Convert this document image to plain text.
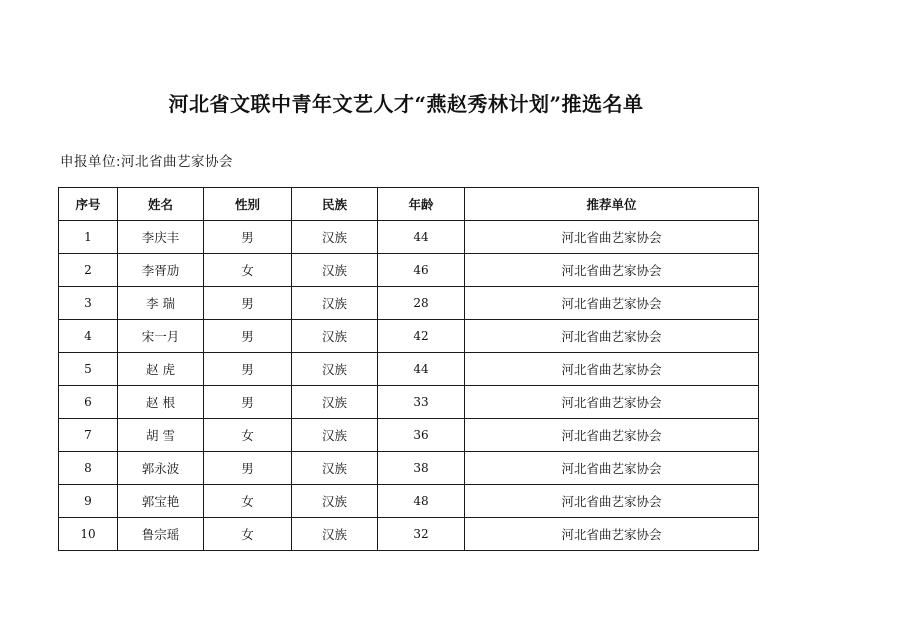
河北省文联中青年文艺人才“燕赵秀林计划”推选名单
申报单位:河北省曲艺家协会
序号	姓名	性别	民族	年龄	推荐单位
1	李庆丰	男	汉族	44	河北省曲艺家协会
2	李胥劢	女	汉族	46	河北省曲艺家协会
3	李 瑞	男	汉族	28	河北省曲艺家协会
4	宋一月	男	汉族	42	河北省曲艺家协会
5	赵 虎	男	汉族	44	河北省曲艺家协会
6	赵 根	男	汉族	33	河北省曲艺家协会
7	胡 雪	女	汉族	36	河北省曲艺家协会
8	郭永波	男	汉族	38	河北省曲艺家协会
9	郭宝艳	女	汉族	48	河北省曲艺家协会
10	鲁宗瑶	女	汉族	32	河北省曲艺家协会
